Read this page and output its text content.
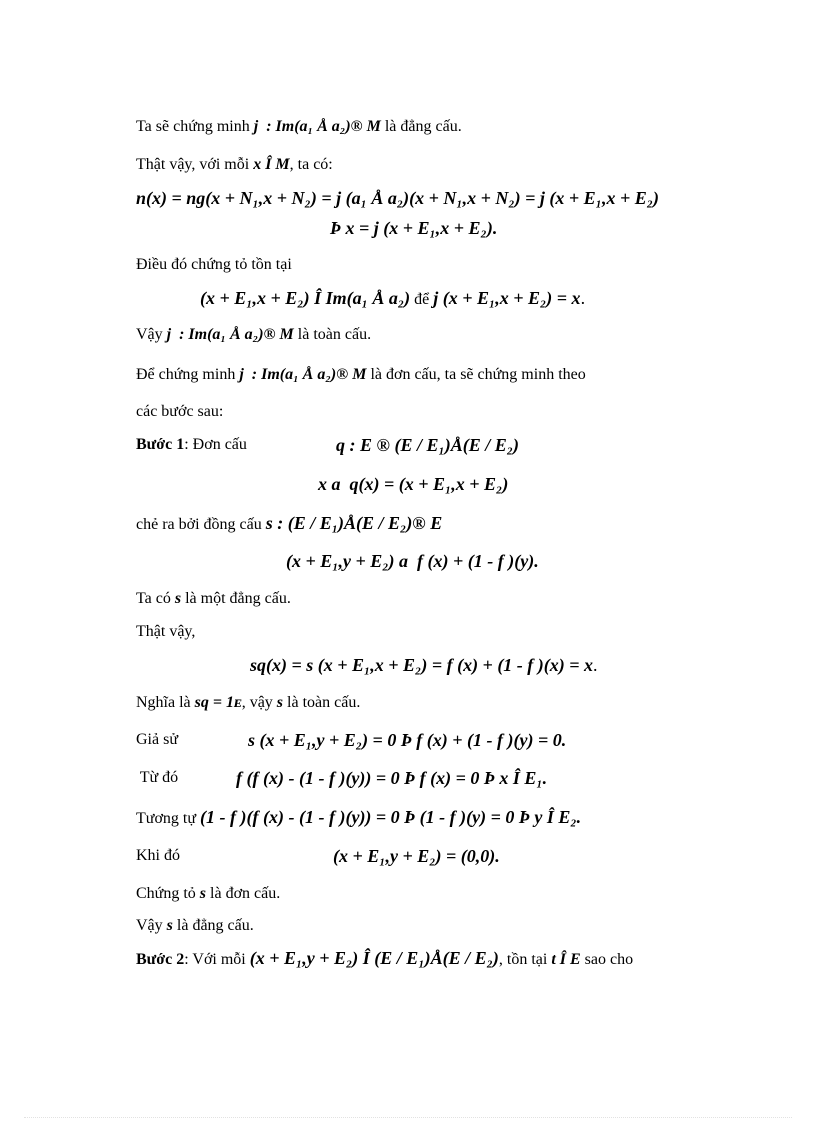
Ta sẽ chứng minh j  : Im(a₁ Å a₂)® M là đẳng cấu.
Thật vậy, với mỗi x Î M, ta có:
n(x) = ng(x + N₁,x + N₂) = j (a₁ Å a₂)(x + N₁,x + N₂) = j (x + E₁,x + E₂)
Þ x = j (x + E₁,x + E₂).
Điều đó chứng tỏ tồn tại
(x + E₁,x + E₂) Î Im(a₁ Å a₂) để j (x + E₁,x + E₂) = x.
Vậy j  : Im(a₁ Å a₂)® M là toàn cấu.
Để chứng minh j  : Im(a₁ Å a₂)® M là đơn cấu, ta sẽ chứng minh theo
các bước sau:
Bước 1: Đơn cấu	q : E ® (E / E₁)Å(E / E₂)
x a  q(x) = (x + E₁,x + E₂)
chẻ ra bởi đồng cấu s : (E / E₁)Å(E / E₂)® E
(x + E₁,y + E₂) a  f (x) + (1 - f )(y).
Ta có s là một đẳng cấu.
Thật vậy,
sq(x) = s (x + E₁,x + E₂) = f (x) + (1 - f )(x) = x.
Nghĩa là sq = 1ᴇ, vậy s là toàn cấu.
Giả sử	s (x + E₁,y + E₂) = 0 Þ f (x) + (1 - f )(y) = 0.
Từ đó	f (f (x) - (1 - f )(y)) = 0 Þ f (x) = 0 Þ x Î E₁.
Tương tự (1 - f )(f (x) - (1 - f )(y)) = 0 Þ (1 - f )(y) = 0 Þ y Î E₂.
Khi đó	(x + E₁,y + E₂) = (0,0).
Chứng tỏ s là đơn cấu.
Vậy s là đẳng cấu.
Bước 2: Với mỗi (x + E₁,y + E₂) Î (E / E₁)Å(E / E₂), tồn tại t Î E sao cho
